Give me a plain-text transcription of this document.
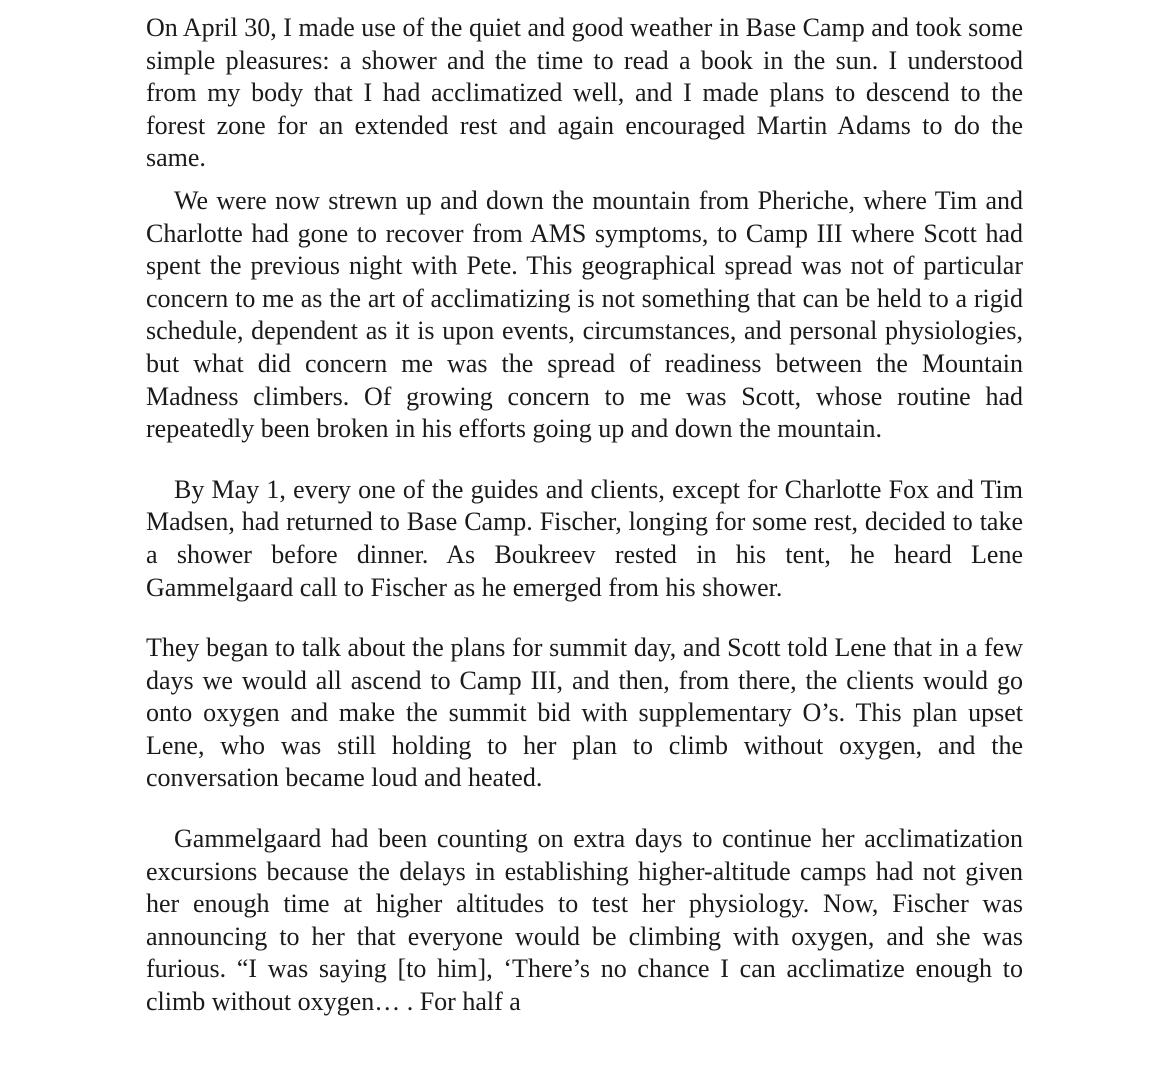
On April 30, I made use of the quiet and good weather in Base Camp and took some simple pleasures: a shower and the time to read a book in the sun. I understood from my body that I had acclimatized well, and I made plans to descend to the forest zone for an extended rest and again encouraged Martin Adams to do the same.

We were now strewn up and down the mountain from Pheriche, where Tim and Charlotte had gone to recover from AMS symptoms, to Camp III where Scott had spent the previous night with Pete. This geographical spread was not of particular concern to me as the art of acclimatizing is not something that can be held to a rigid schedule, dependent as it is upon events, circumstances, and personal physiologies, but what did concern me was the spread of readiness between the Mountain Madness climbers. Of growing concern to me was Scott, whose routine had repeatedly been broken in his efforts going up and down the mountain.

By May 1, every one of the guides and clients, except for Charlotte Fox and Tim Madsen, had returned to Base Camp. Fischer, longing for some rest, decided to take a shower before dinner. As Boukreev rested in his tent, he heard Lene Gammelgaard call to Fischer as he emerged from his shower.

They began to talk about the plans for summit day, and Scott told Lene that in a few days we would all ascend to Camp III, and then, from there, the clients would go onto oxygen and make the summit bid with supplementary O’s. This plan upset Lene, who was still holding to her plan to climb without oxygen, and the conversation became loud and heated.

Gammelgaard had been counting on extra days to continue her acclimatization excursions because the delays in establishing higher-altitude camps had not given her enough time at higher altitudes to test her physiology. Now, Fischer was announcing to her that everyone would be climbing with oxygen, and she was furious. “I was saying [to him], ‘There’s no chance I can acclimatize enough to climb without oxygen… . For half a
